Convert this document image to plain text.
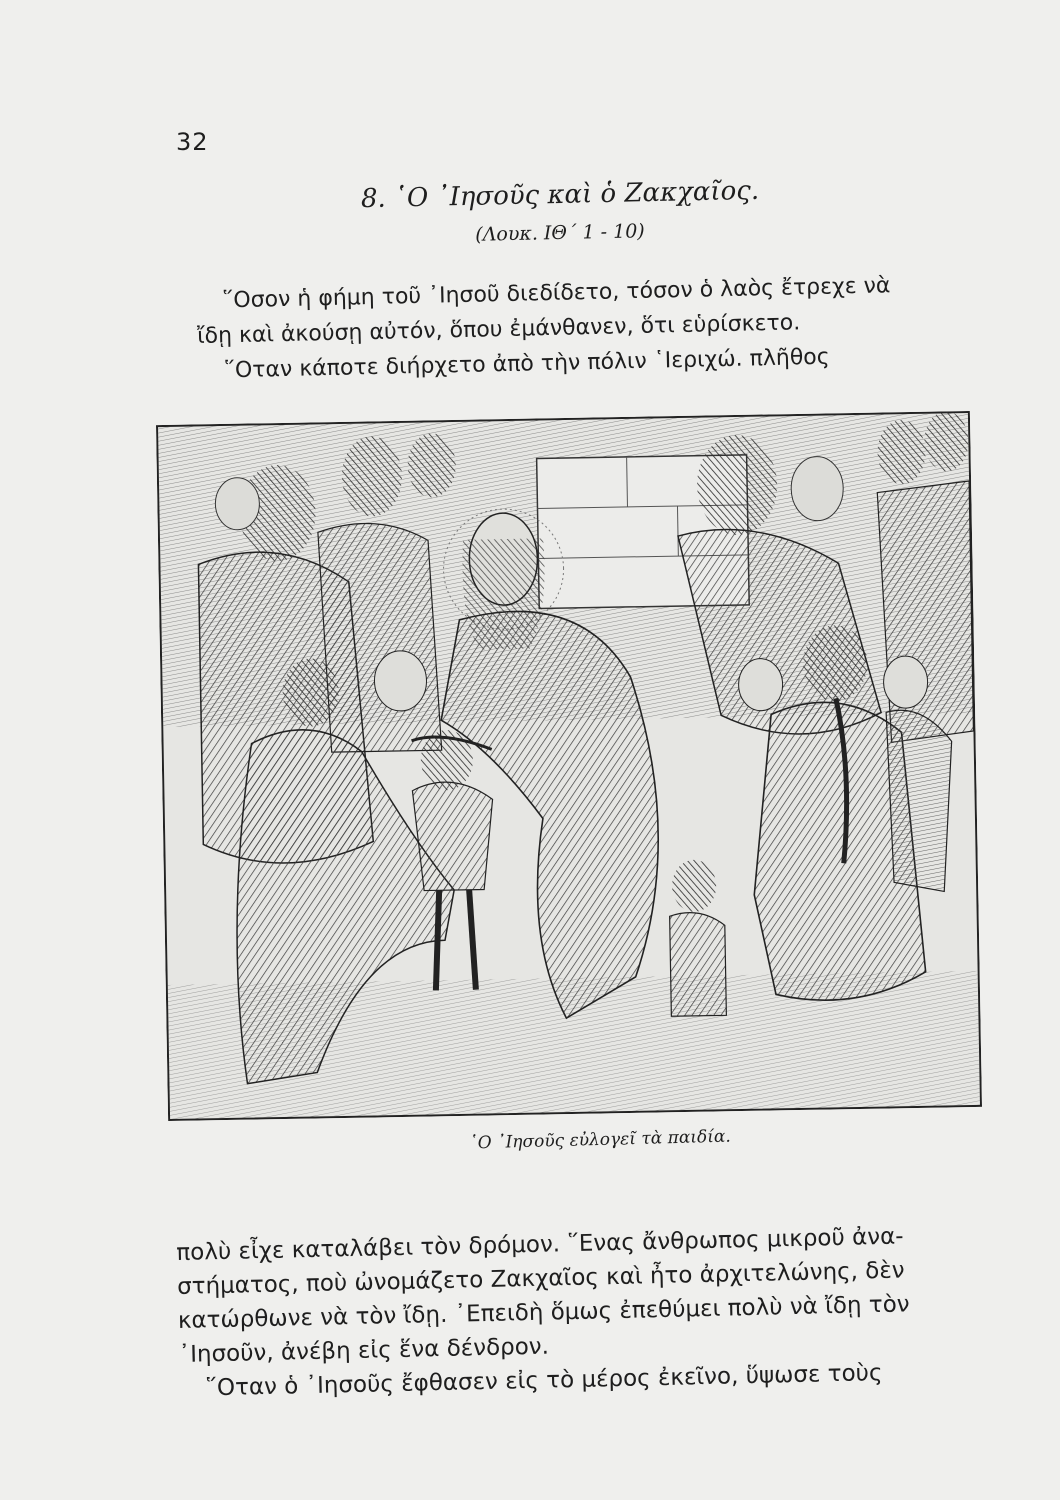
32
8. ῾Ο ᾿Ιησοῦς καὶ ὁ Ζακχαῖος.
(Λουκ. ΙΘ΄ 1 - 10)

῞Οσον ἡ φήμη τοῦ ᾿Ιησοῦ διεδίδετο, τόσον ὁ λαὸς ἔτρεχε νὰ
ἴδῃ καὶ ἀκούσῃ αὐτόν, ὅπου ἐμάνθανεν, ὅτι εὑρίσκετο.
῞Οταν κάποτε διήρχετο ἀπὸ τὴν πόλιν ῾Ιεριχώ. πλῆθος

῾Ο ᾿Ιησοῦς εὐλογεῖ τὰ παιδία.

πολὺ εἶχε καταλάβει τὸν δρόμον. ῞Ενας ἄνθρωπος μικροῦ ἀνα-
στήματος, ποὺ ὠνομάζετο Ζακχαῖος καὶ ἦτο ἀρχιτελώνης, δὲν
κατώρθωνε νὰ τὸν ἴδῃ. ᾿Επειδὴ ὅμως ἐπεθύμει πολὺ νὰ ἴδῃ τὸν
᾿Ιησοῦν, ἀνέβη εἰς ἕνα δένδρον.
῞Οταν ὁ ᾿Ιησοῦς ἔφθασεν εἰς τὸ μέρος ἐκεῖνο, ὕψωσε τοὺς
